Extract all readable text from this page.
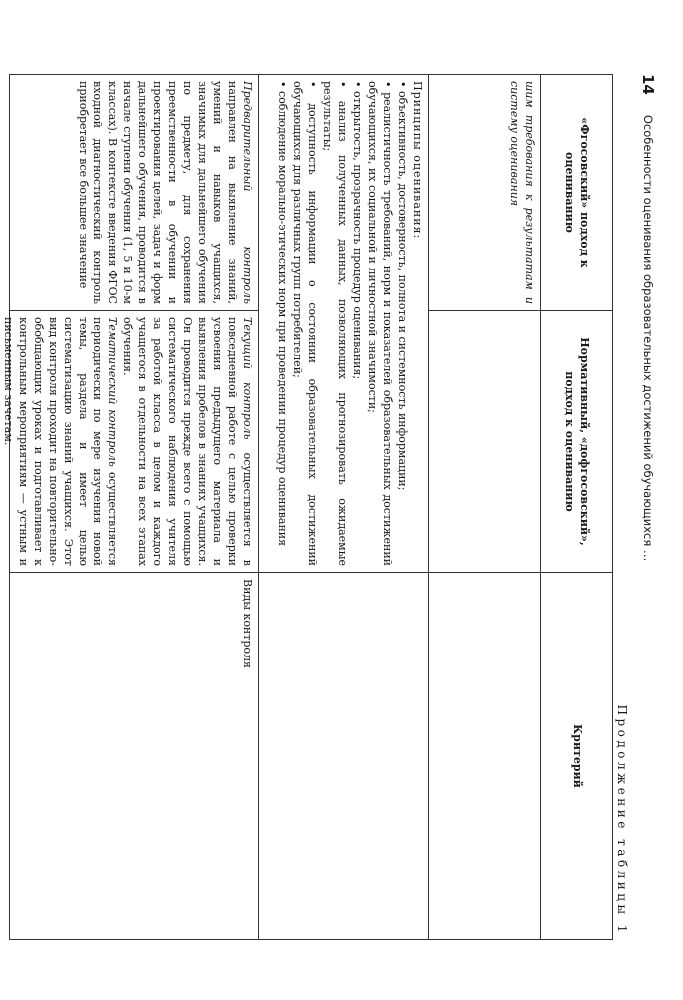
14
Особенности оценивания образовательных достижений обучающихся …
Продолжение таблицы 1
«Фгосовский» подход к оцениванию
Нормативный, «дофгосовский», подход к оцениванию
Критерий
шим требования к результатам и систему оценивания

Принципы оценивания:

• объективность, достоверность, полнота и системность информации;
• реалистичность требований, норм и показателей образовательных достижений обучающихся, их социальной и личностной значимости;
• открытость, прозрачность процедур оценивания;
• анализ полученных данных, позволяющих прогнозировать ожидаемые результаты;
• доступность информации о состоянии образовательных достижений обучающихся для различных групп потребителей;
• соблюдение морально-этических норм при проведении процедур оценивания
Предварительный контроль направлен на выявление знаний, умений и навыков учащихся, значимых для дальнейшего обучения по предмету, для сохранения преемственности в обучении и проектирования целей, задач и форм дальнейшего обучения, проводится в начале ступени обучения (1, 5 и 10-м классах). В контексте введения ФГОС входной диагностический контроль приобретает все большее значение

Текущий контроль осуществляется в повседневной работе с целью проверки усвоения предыдущего материала и выявления пробелов в знаниях учащихся. Он проводится прежде всего с помощью систематического наблюдения учителя за работой класса в целом и каждого учащегося в отдельности на всех этапах обучения.

Тематический контроль осуществляется периодически по мере изучения новой темы, раздела и имеет целью систематизацию знаний учащихся. Этот вид контроля проходит на повторительно-обобщающих уроках и подготавливает к контрольным мероприятиям — устным и письменным зачетам.

Виды контроля
